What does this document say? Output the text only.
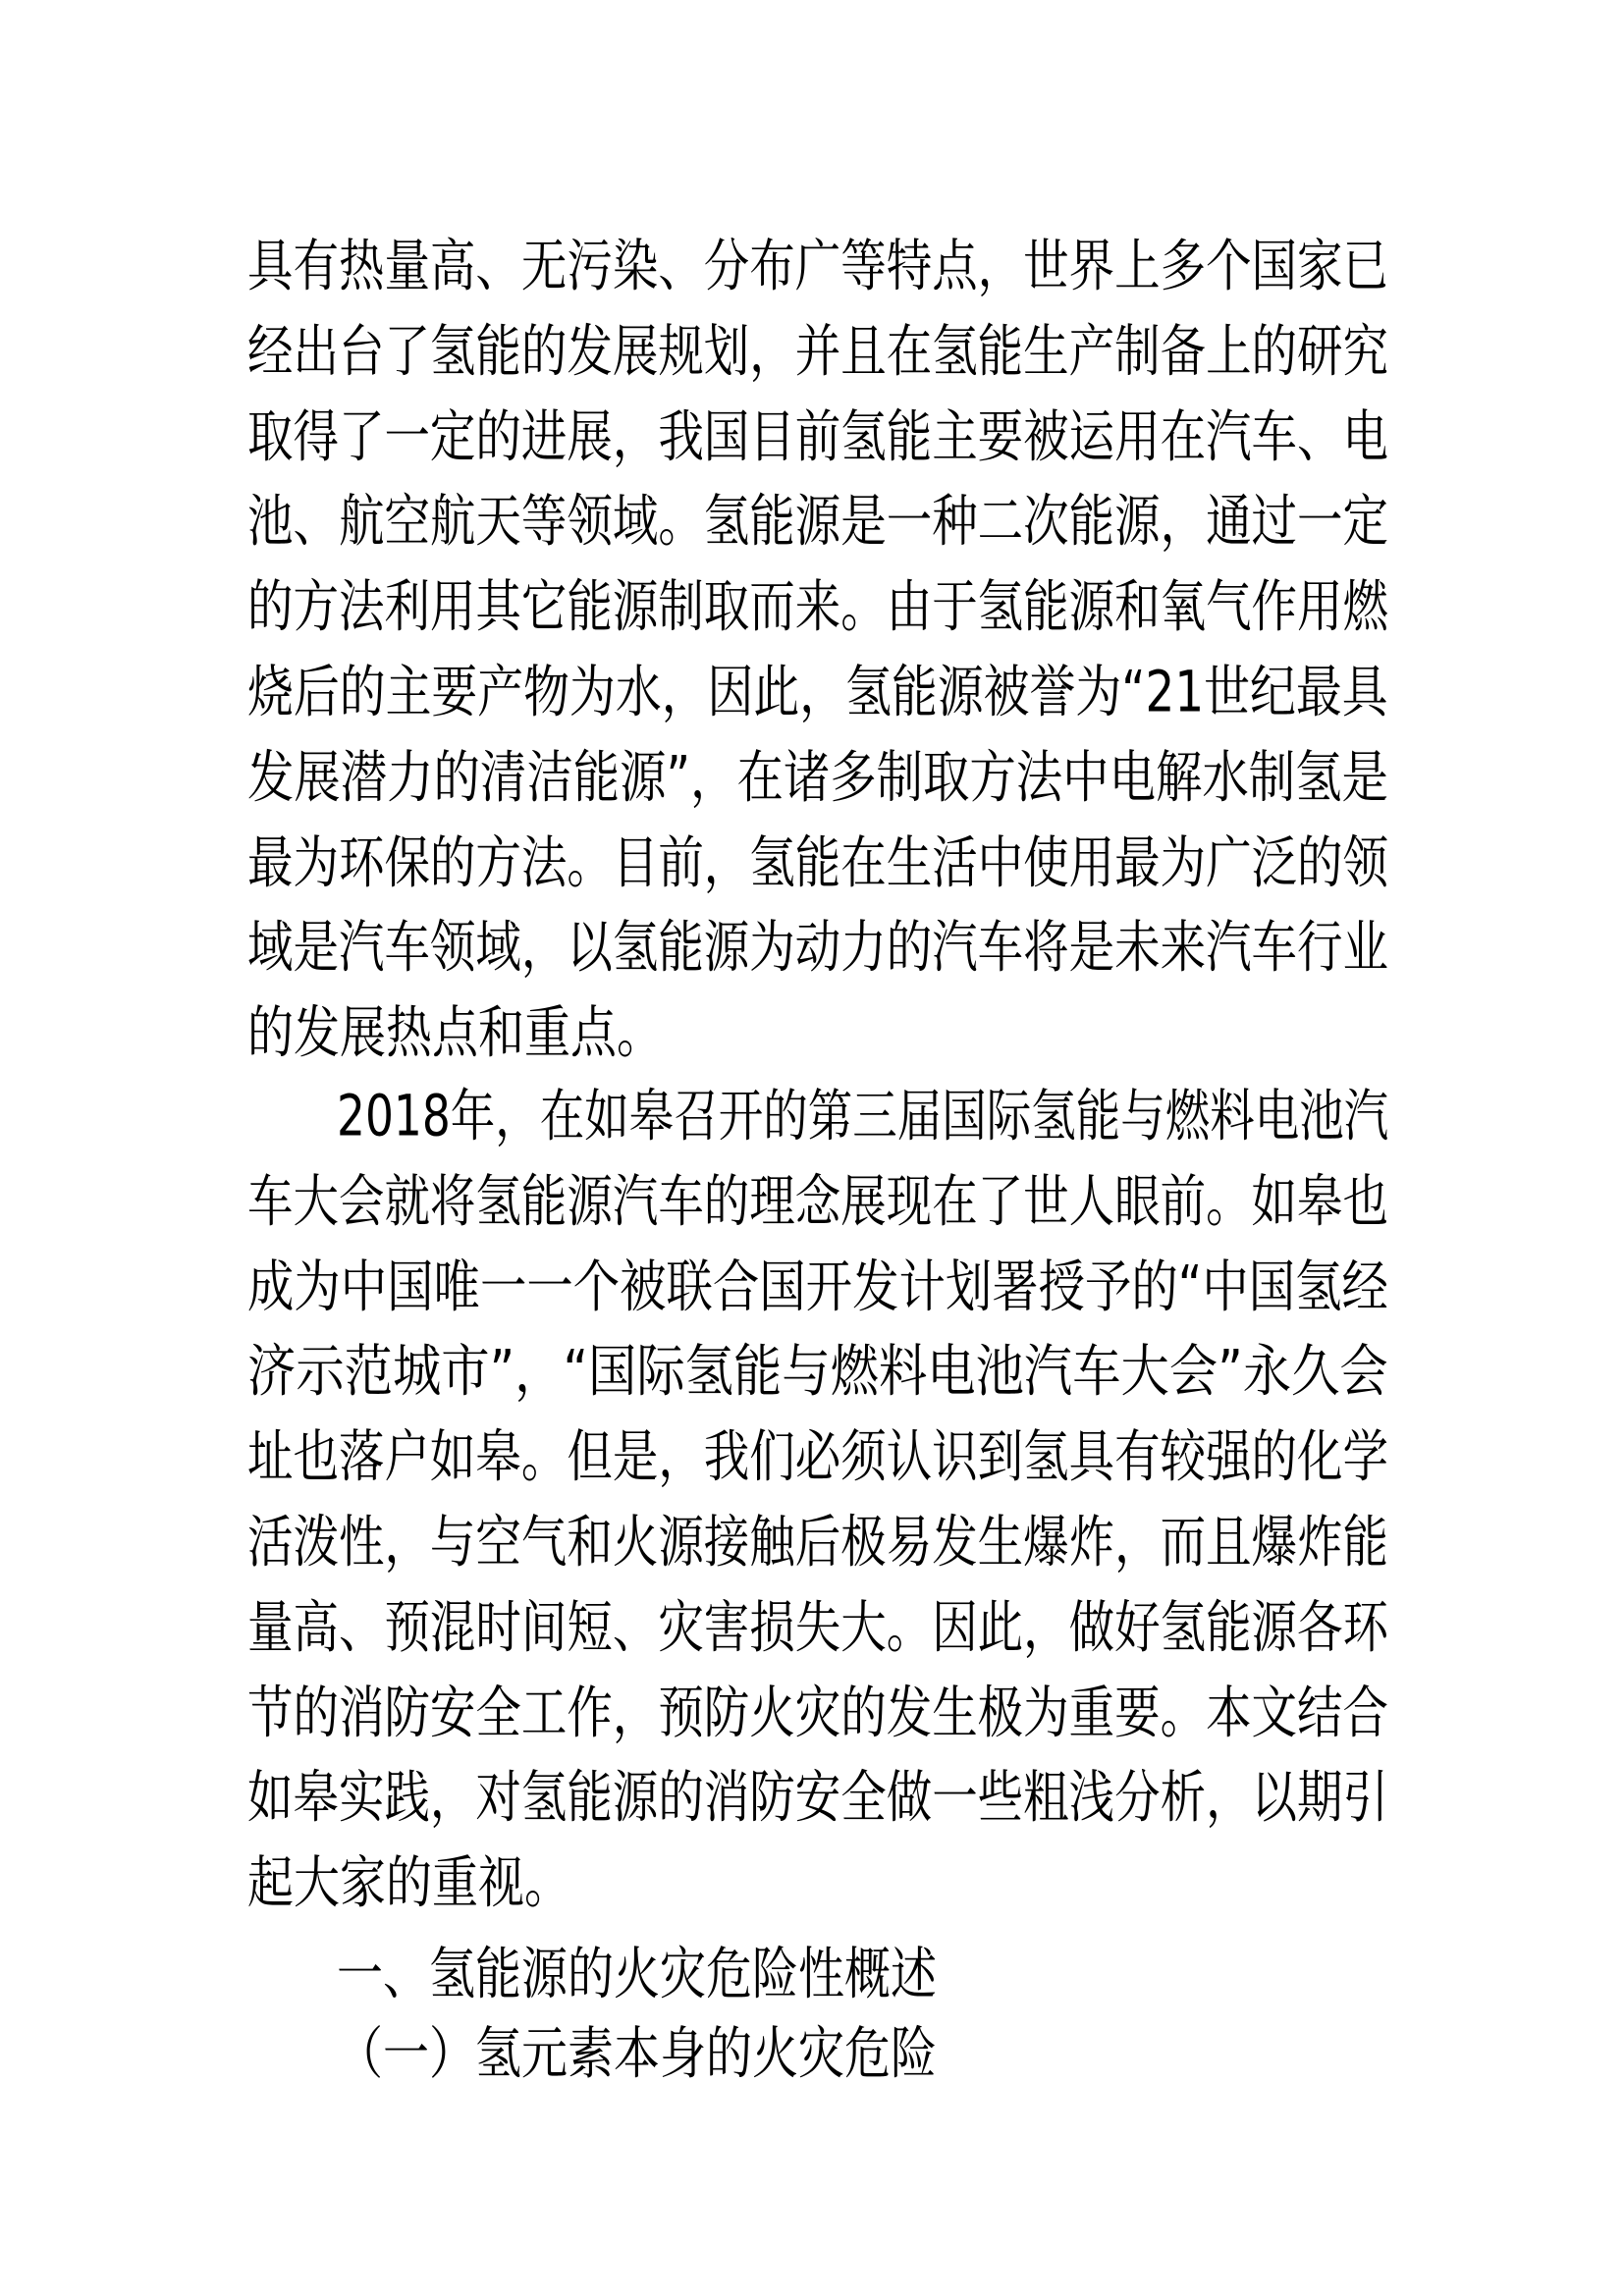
具有热量高、无污染、分布广等特点，世界上多个国家已
经出台了氢能的发展规划，并且在氢能生产制备上的研究
取得了一定的进展，我国目前氢能主要被运用在汽车、电
池、航空航天等领域。氢能源是一种二次能源，通过一定
的方法利用其它能源制取而来。由于氢能源和氧气作用燃
烧后的主要产物为水，因此，氢能源被誉为“21世纪最具
发展潜力的清洁能源”，在诸多制取方法中电解水制氢是
最为环保的方法。目前，氢能在生活中使用最为广泛的领
域是汽车领域，以氢能源为动力的汽车将是未来汽车行业
的发展热点和重点。
2018年，在如皋召开的第三届国际氢能与燃料电池汽
车大会就将氢能源汽车的理念展现在了世人眼前。如皋也
成为中国唯一一个被联合国开发计划署授予的“中国氢经
济示范城市”，“国际氢能与燃料电池汽车大会”永久会
址也落户如皋。但是，我们必须认识到氢具有较强的化学
活泼性，与空气和火源接触后极易发生爆炸，而且爆炸能
量高、预混时间短、灾害损失大。因此，做好氢能源各环
节的消防安全工作，预防火灾的发生极为重要。本文结合
如皋实践，对氢能源的消防安全做一些粗浅分析，以期引
起大家的重视。
一、氢能源的火灾危险性概述
（一）氢元素本身的火灾危险
